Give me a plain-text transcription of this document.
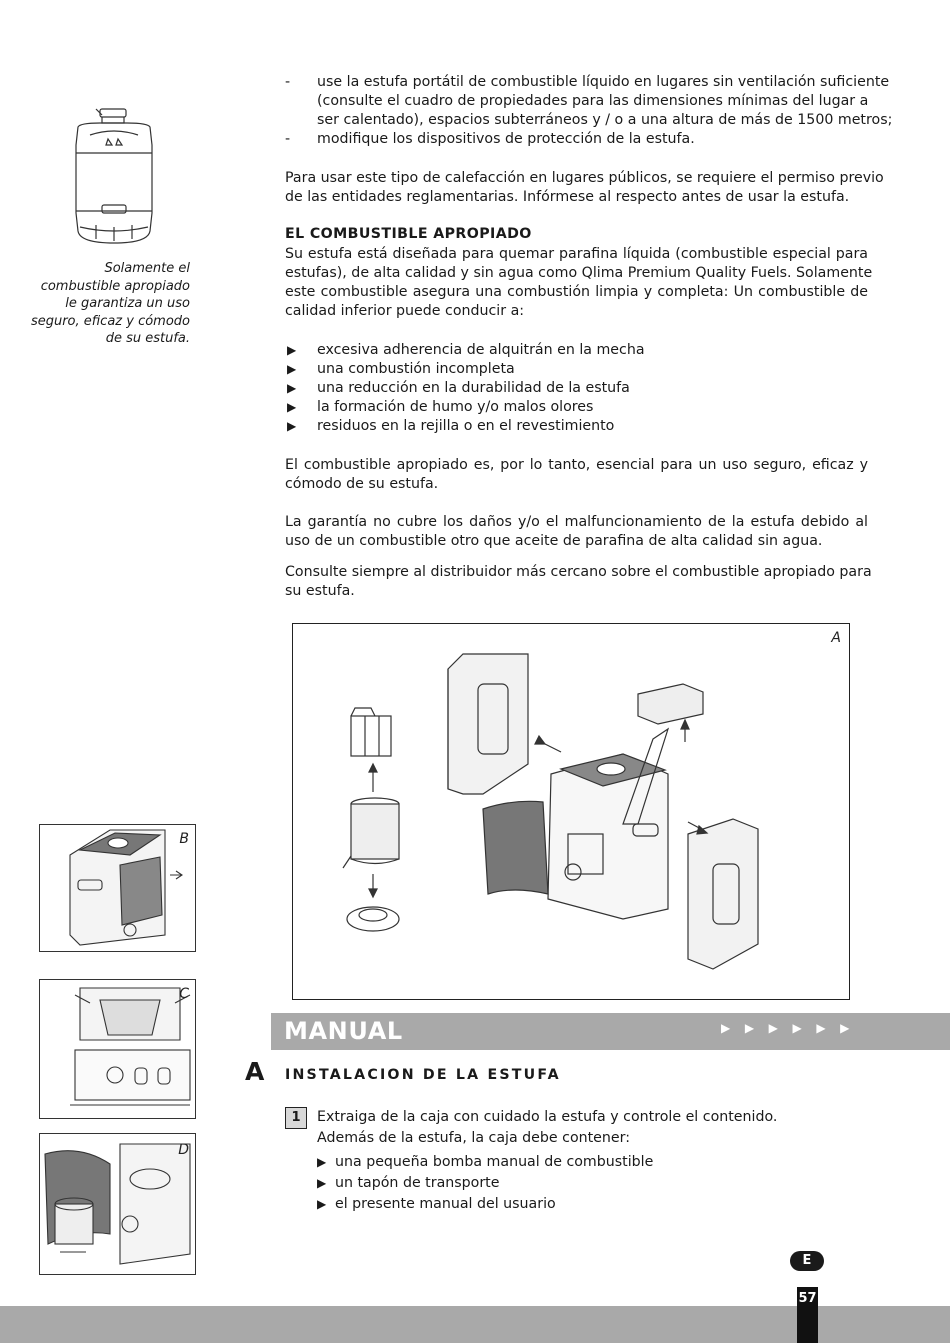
Solamente el
combustible apropiado
le garantiza un uso
seguro, eficaz y cómodo
de su estufa.
- use la estufa portátil de combustible líquido en lugares sin ventilación suficiente
(consulte el cuadro de propiedades para las dimensiones mínimas del lugar a
ser calentado), espacios subterráneos y / o a una altura de más de 1500 metros;
- modifique los dispositivos de protección de la estufa.
Para usar este tipo de calefacción en lugares públicos, se requiere el permiso previo
de las entidades reglamentarias. Infórmese al respecto antes de usar la estufa.
EL COMBUSTIBLE APROPIADO
Su estufa está diseñada para quemar parafina líquida (combustible especial para
estufas), de alta calidad y sin agua como Qlima Premium Quality Fuels. Solamente
este combustible asegura una combustión limpia y completa: Un combustible de
calidad inferior puede conducir a:
▶ excesiva adherencia de alquitrán en la mecha
▶ una combustión incompleta
▶ una reducción en la durabilidad de la estufa
▶ la formación de humo y/o malos olores
▶ residuos en la rejilla o en el revestimiento
El combustible apropiado es, por lo tanto, esencial para un uso seguro, eficaz y
cómodo de su estufa.
La garantía no cubre los daños y/o el malfuncionamiento de la estufa debido al
uso de un combustible otro que aceite de parafina de alta calidad sin agua.
Consulte siempre al distribuidor más cercano sobre el combustible apropiado para
su estufa.
A
B
C
D
MANUAL	▶ ▶ ▶ ▶ ▶ ▶
A INSTALACION DE LA ESTUFA
1	Extraiga de la caja con cuidado la estufa y controle el contenido.
Además de la estufa, la caja debe contener:
▶ una pequeña bomba manual de combustible
▶ un tapón de transporte
▶ el presente manual del usuario
E
57
